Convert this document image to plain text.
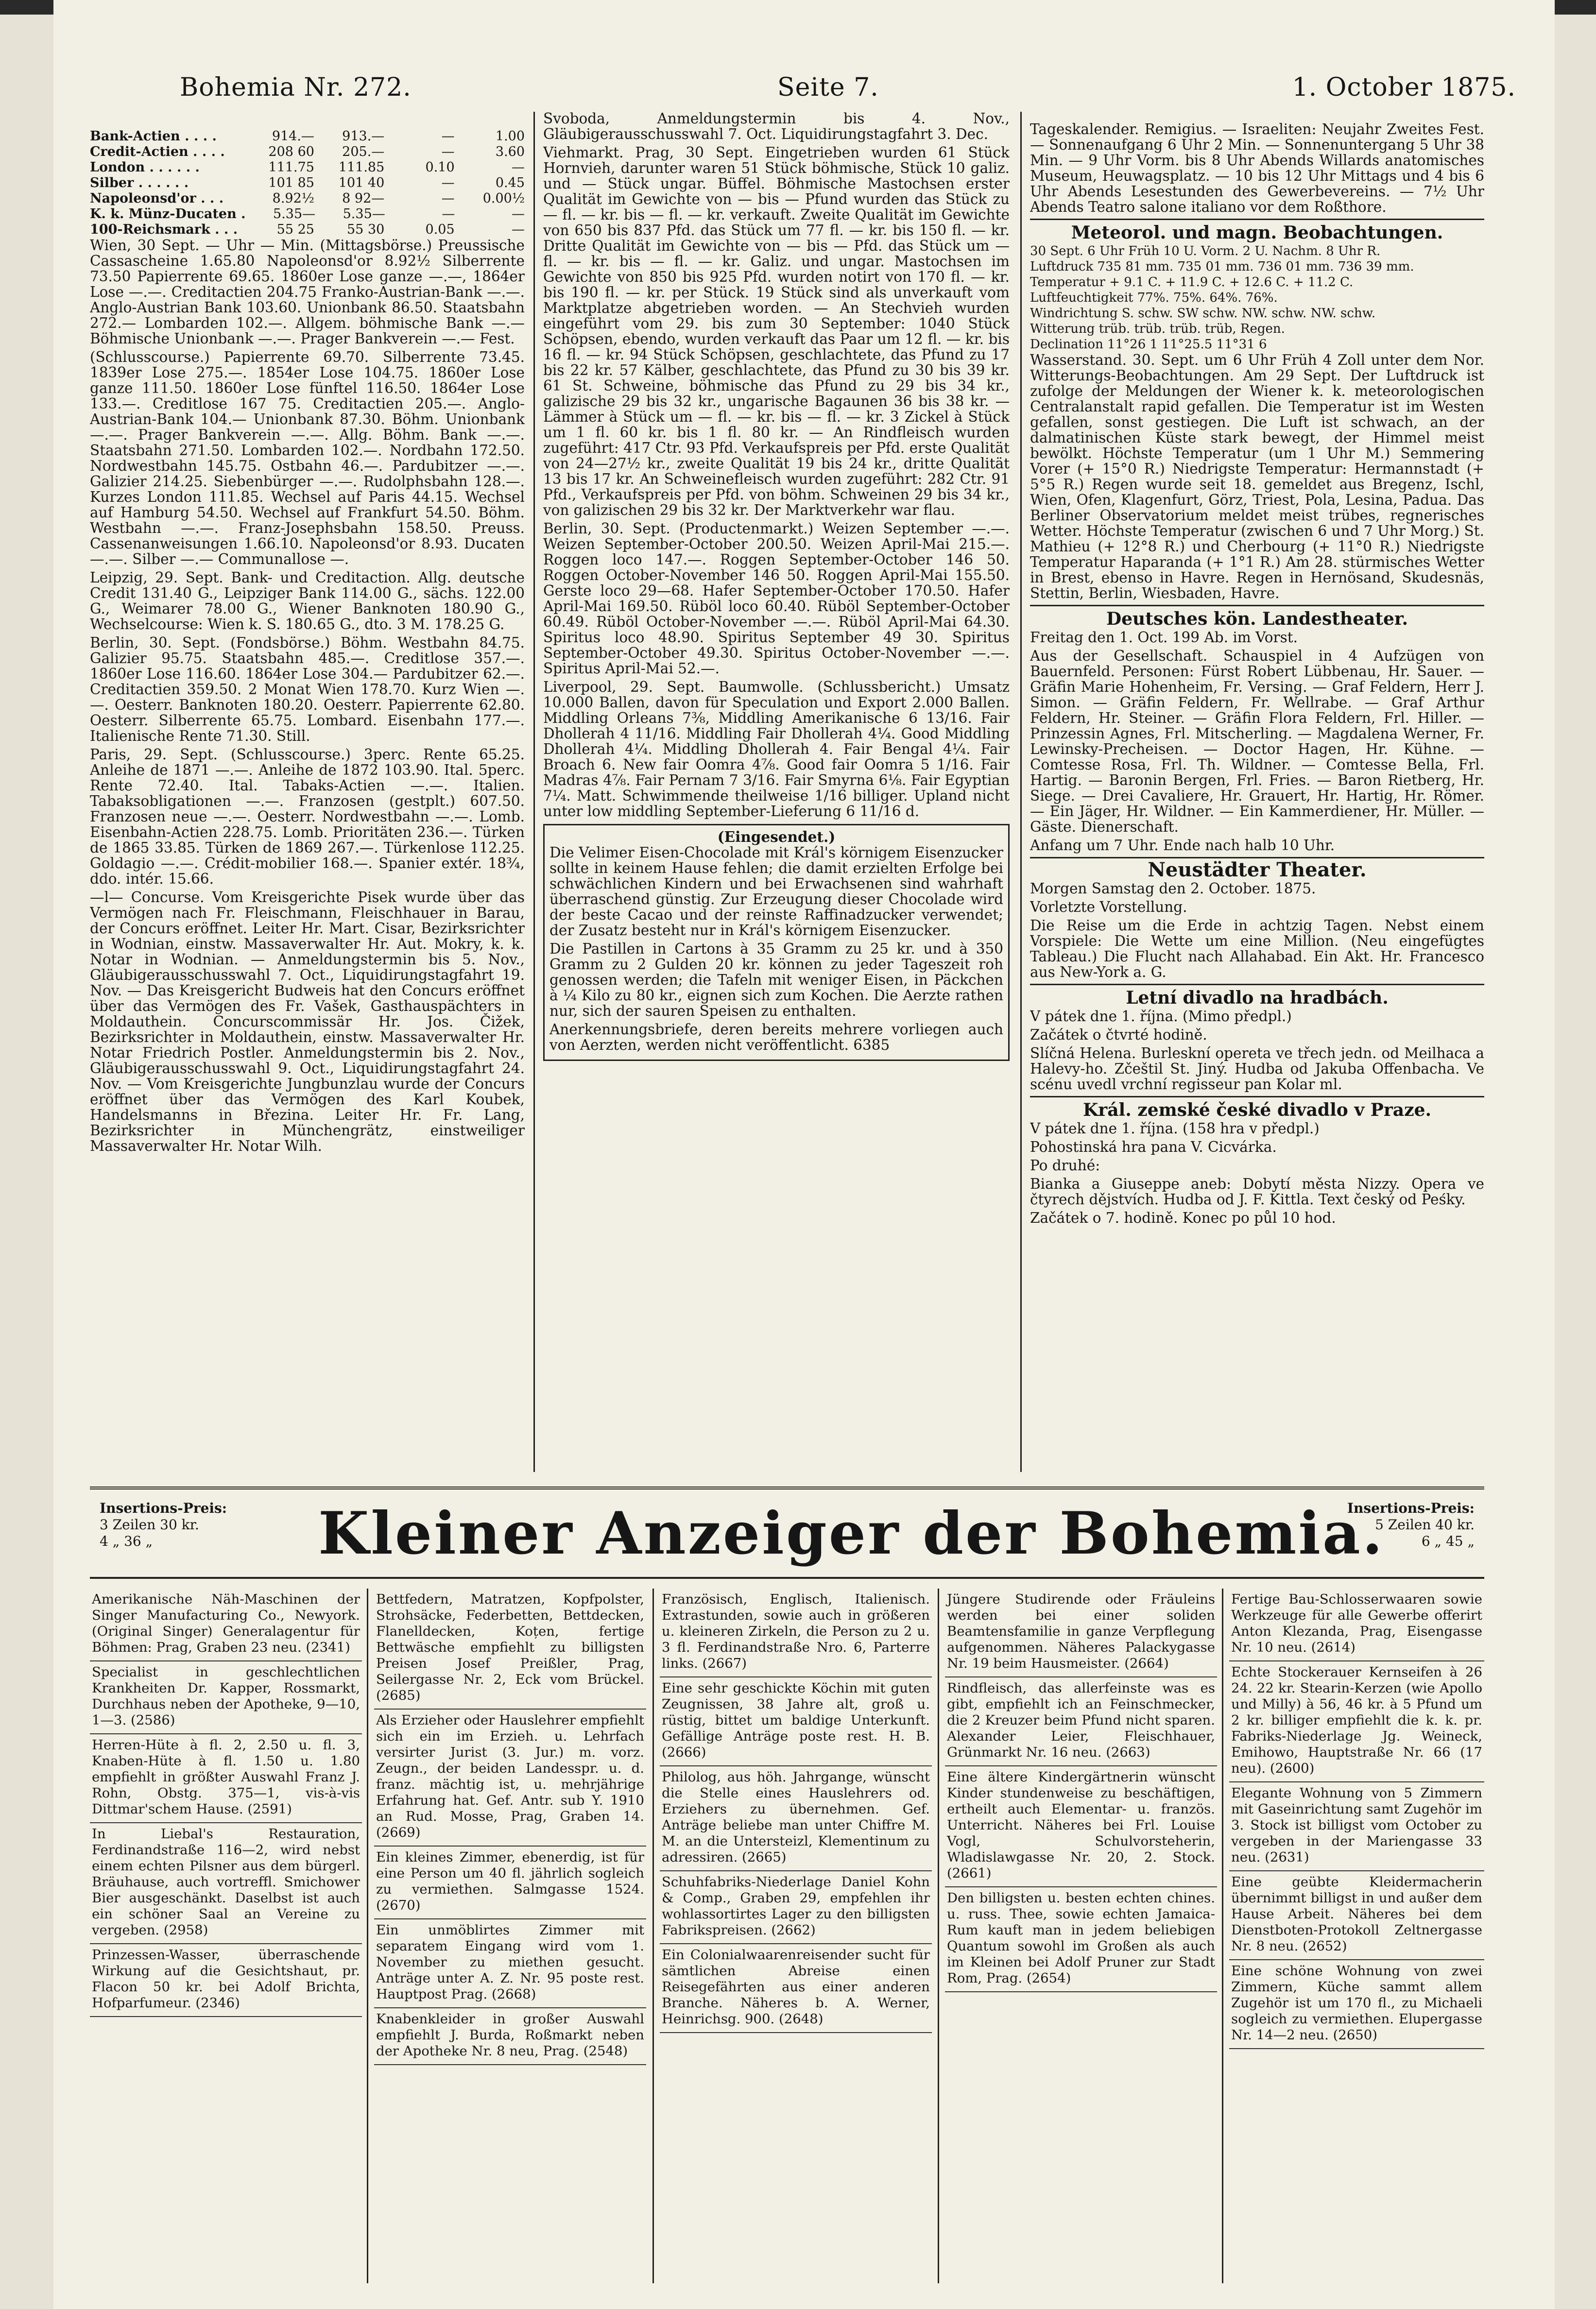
Bohemia Nr. 272.	Seite 7.	1. October 1875.
Bank-Actien . . . .	914.—	913.—	—	1.00
Credit-Actien . . . .	208 60	205.—	—	3.60
London . . . . . .	111.75	111.85	0.10	—
Silber . . . . . .	101 85	101 40	—	0.45
Napoleonsd'or . . .	8.92½	8 92—	—	0.00½
K. k. Münz-Ducaten .	5.35—	5.35—	—	—
100-Reichsmark . . .	55 25	55 30	0.05	—

Wien, 30 Sept. — Uhr — Min. (Mittagsbörse.) Preussische Cassascheine 1.65.80 Napoleonsd'or 8.92½ Silberrente 73.50 Papierrente 69.65. 1860er Lose ganze —.—, 1864er Lose —.—. Creditactien 204.75 Franko-Austrian-Bank —.—. Anglo-Austrian Bank 103.60. Unionbank 86.50. Staatsbahn 272.— Lombarden 102.—. Allgem. böhmische Bank —.— Böhmische Unionbank —.—. Prager Bankverein —.— Fest.

(Schlusscourse.) Papierrente 69.70. Silberrente 73.45. 1839er Lose 275.—. 1854er Lose 104.75. 1860er Lose ganze 111.50. 1860er Lose fünftel 116.50. 1864er Lose 133.—. Creditlose 167 75. Creditactien 205.—. Anglo-Austrian-Bank 104.— Unionbank 87.30. Böhm. Unionbank —.—. Prager Bankverein —.—. Allg. Böhm. Bank —.—. Staatsbahn 271.50. Lombarden 102.—. Nordbahn 172.50. Nordwestbahn 145.75. Ostbahn 46.—. Pardubitzer —.—. Galizier 214.25. Siebenbürger —.—. Rudolphsbahn 128.—. Kurzes London 111.85. Wechsel auf Paris 44.15. Wechsel auf Hamburg 54.50. Wechsel auf Frankfurt 54.50. Böhm. Westbahn —.—. Franz-Josephsbahn 158.50. Preuss. Cassenanweisungen 1.66.10. Napoleonsd'or 8.93. Ducaten —.—. Silber —.— Communallose —.

Leipzig, 29. Sept. Bank- und Creditaction. Allg. deutsche Credit 131.40 G., Leipziger Bank 114.00 G., sächs. 122.00 G., Weimarer 78.00 G., Wiener Banknoten 180.90 G., Wechselcourse: Wien k. S. 180.65 G., dto. 3 M. 178.25 G.

Berlin, 30. Sept. (Fondsbörse.) Böhm. Westbahn 84.75. Galizier 95.75. Staatsbahn 485.—. Creditlose 357.—. 1860er Lose 116.60. 1864er Lose 304.— Pardubitzer 62.—. Creditactien 359.50. 2 Monat Wien 178.70. Kurz Wien —.—. Oesterr. Banknoten 180.20. Oesterr. Papierrente 62.80. Oesterr. Silberrente 65.75. Lombard. Eisenbahn 177.—. Italienische Rente 71.30. Still.

Paris, 29. Sept. (Schlusscourse.) 3perc. Rente 65.25. Anleihe de 1871 —.—. Anleihe de 1872 103.90. Ital. 5perc. Rente 72.40. Ital. Tabaks-Actien —.—. Italien. Tabaksobligationen —.—. Franzosen (gestplt.) 607.50. Franzosen neue —.—. Oesterr. Nordwestbahn —.—. Lomb. Eisenbahn-Actien 228.75. Lomb. Prioritäten 236.—. Türken de 1865 33.85. Türken de 1869 267.—. Türkenlose 112.25. Goldagio —.—. Crédit-mobilier 168.—. Spanier extér. 18¾, ddo. intér. 15.66.

—l— Concurse. Vom Kreisgerichte Pisek wurde über das Vermögen nach Fr. Fleischmann, Fleischhauer in Barau, der Concurs eröffnet. Leiter Hr. Mart. Cisar, Bezirksrichter in Wodnian, einstw. Massaverwalter Hr. Aut. Mokry, k. k. Notar in Wodnian. — Anmeldungstermin bis 5. Nov., Gläubigerausschusswahl 7. Oct., Liquidirungstagfahrt 19. Nov. — Das Kreisgericht Budweis hat den Concurs eröffnet über das Vermögen des Fr. Vašek, Gasthauspächters in Moldauthein. Concurscommissär Hr. Jos. Čižek, Bezirksrichter in Moldauthein, einstw. Massaverwalter Hr. Notar Friedrich Postler. Anmeldungstermin bis 2. Nov., Gläubigerausschusswahl 9. Oct., Liquidirungstagfahrt 24. Nov. — Vom Kreisgerichte Jungbunzlau wurde der Concurs eröffnet über das Vermögen des Karl Koubek, Handelsmanns in Březina. Leiter Hr. Fr. Lang, Bezirksrichter in Münchengrätz, einstweiliger Massaverwalter Hr. Notar Wilh.

Svoboda, Anmeldungstermin bis 4. Nov., Gläubigerausschusswahl 7. Oct. Liquidirungstagfahrt 3. Dec.

Viehmarkt. Prag, 30 Sept. Eingetrieben wurden 61 Stück Hornvieh, darunter waren 51 Stück böhmische, Stück 10 galiz. und — Stück ungar. Büffel. Böhmische Mastochsen erster Qualität im Gewichte von — bis — Pfund wurden das Stück zu — fl. — kr. bis — fl. — kr. verkauft. Zweite Qualität im Gewichte von 650 bis 837 Pfd. das Stück um 77 fl. — kr. bis 150 fl. — kr. Dritte Qualität im Gewichte von — bis — Pfd. das Stück um — fl. — kr. bis — fl. — kr. Galiz. und ungar. Mastochsen im Gewichte von 850 bis 925 Pfd. wurden notirt von 170 fl. — kr. bis 190 fl. — kr. per Stück. 19 Stück sind als unverkauft vom Marktplatze abgetrieben worden. — An Stechvieh wurden eingeführt vom 29. bis zum 30 September: 1040 Stück Schöpsen, ebendo, wurden verkauft das Paar um 12 fl. — kr. bis 16 fl. — kr. 94 Stück Schöpsen, geschlachtete, das Pfund zu 17 bis 22 kr. 57 Kälber, geschlachtete, das Pfund zu 30 bis 39 kr. 61 St. Schweine, böhmische das Pfund zu 29 bis 34 kr., galizische 29 bis 32 kr., ungarische Bagaunen 36 bis 38 kr. — Lämmer à Stück um — fl. — kr. bis — fl. — kr. 3 Zickel à Stück um 1 fl. 60 kr. bis 1 fl. 80 kr. — An Rindfleisch wurden zugeführt: 417 Ctr. 93 Pfd. Verkaufspreis per Pfd. erste Qualität von 24—27½ kr., zweite Qualität 19 bis 24 kr., dritte Qualität 13 bis 17 kr. An Schweinefleisch wurden zugeführt: 282 Ctr. 91 Pfd., Verkaufspreis per Pfd. von böhm. Schweinen 29 bis 34 kr., von galizischen 29 bis 32 kr. Der Marktverkehr war flau.

Berlin, 30. Sept. (Productenmarkt.) Weizen September —.—. Weizen September-October 200.50. Weizen April-Mai 215.—. Roggen loco 147.—. Roggen September-October 146 50. Roggen October-November 146 50. Roggen April-Mai 155.50. Gerste loco 29—68. Hafer September-October 170.50. Hafer April-Mai 169.50. Rüböl loco 60.40. Rüböl September-October 60.49. Rüböl October-November —.—. Rüböl April-Mai 64.30. Spiritus loco 48.90. Spiritus September 49 30. Spiritus September-October 49.30. Spiritus October-November —.—. Spiritus April-Mai 52.—.

Liverpool, 29. Sept. Baumwolle. (Schlussbericht.) Umsatz 10.000 Ballen, davon für Speculation und Export 2.000 Ballen. Middling Orleans 7⅜, Middling Amerikanische 6 13/16. Fair Dhollerah 4 11/16. Middling Fair Dhollerah 4¼. Good Middling Dhollerah 4¼. Middling Dhollerah 4. Fair Bengal 4¼. Fair Broach 6. New fair Oomra 4⅞. Good fair Oomra 5 1/16. Fair Madras 4⅞. Fair Pernam 7 3/16. Fair Smyrna 6⅛. Fair Egyptian 7¼. Matt. Schwimmende theilweise 1/16 billiger. Upland nicht unter low middling September-Lieferung 6 11/16 d.

(Eingesendet.)

Die Velimer Eisen-Chocolade mit Král's körnigem Eisenzucker sollte in keinem Hause fehlen; die damit erzielten Erfolge bei schwächlichen Kindern und bei Erwachsenen sind wahrhaft überraschend günstig. Zur Erzeugung dieser Chocolade wird der beste Cacao und der reinste Raffinadzucker verwendet; der Zusatz besteht nur in Král's körnigem Eisenzucker.

Die Pastillen in Cartons à 35 Gramm zu 25 kr. und à 350 Gramm zu 2 Gulden 20 kr. können zu jeder Tageszeit roh genossen werden; die Tafeln mit weniger Eisen, in Päckchen à ¼ Kilo zu 80 kr., eignen sich zum Kochen. Die Aerzte rathen nur, sich der sauren Speisen zu enthalten.

Anerkennungsbriefe, deren bereits mehrere vorliegen auch von Aerzten, werden nicht veröffentlicht. 6385

Tageskalender. Remigius. — Israeliten: Neujahr Zweites Fest. — Sonnenaufgang 6 Uhr 2 Min. — Sonnenuntergang 5 Uhr 38 Min. — 9 Uhr Vorm. bis 8 Uhr Abends Willards anatomisches Museum, Heuwagsplatz. — 10 bis 12 Uhr Mittags und 4 bis 6 Uhr Abends Lesestunden des Gewerbevereins. — 7½ Uhr Abends Teatro salone italiano vor dem Roßthore.

Meteorol. und magn. Beobachtungen.
30 Sept. 6 Uhr Früh 10 U. Vorm. 2 U. Nachm. 8 Uhr R.
Luftdruck 735 81 mm. 735 01 mm. 736 01 mm. 736 39 mm.
Temperatur + 9.1 C. + 11.9 C. + 12.6 C. + 11.2 C.
Luftfeuchtigkeit 77%. 75%. 64%. 76%.
Windrichtung S. schw. SW schw. NW. schw. NW. schw.
Witterung trüb. trüb. trüb. trüb, Regen.
Declination 11°26 1 11°25.5 11°31 6

Wasserstand. 30. Sept. um 6 Uhr Früh 4 Zoll unter dem Nor. Witterungs-Beobachtungen. Am 29 Sept. Der Luftdruck ist zufolge der Meldungen der Wiener k. k. meteorologischen Centralanstalt rapid gefallen. Die Temperatur ist im Westen gefallen, sonst gestiegen. Die Luft ist schwach, an der dalmatinischen Küste stark bewegt, der Himmel meist bewölkt. Höchste Temperatur (um 1 Uhr M.) Semmering Vorer (+ 15°0 R.) Niedrigste Temperatur: Hermannstadt (+ 5°5 R.) Regen wurde seit 18. gemeldet aus Bregenz, Ischl, Wien, Ofen, Klagenfurt, Görz, Triest, Pola, Lesina, Padua. Das Berliner Observatorium meldet meist trübes, regnerisches Wetter. Höchste Temperatur (zwischen 6 und 7 Uhr Morg.) St. Mathieu (+ 12°8 R.) und Cherbourg (+ 11°0 R.) Niedrigste Temperatur Haparanda (+ 1°1 R.) Am 28. stürmisches Wetter in Brest, ebenso in Havre. Regen in Hernösand, Skudesnäs, Stettin, Berlin, Wiesbaden, Havre.

Deutsches kön. Landestheater.

Freitag den 1. Oct. 199 Ab. im Vorst.

Aus der Gesellschaft. Schauspiel in 4 Aufzügen von Bauernfeld. Personen: Fürst Robert Lübbenau, Hr. Sauer. — Gräfin Marie Hohenheim, Fr. Versing. — Graf Feldern, Herr J. Simon. — Gräfin Feldern, Fr. Wellrabe. — Graf Arthur Feldern, Hr. Steiner. — Gräfin Flora Feldern, Frl. Hiller. — Prinzessin Agnes, Frl. Mitscherling. — Magdalena Werner, Fr. Lewinsky-Precheisen. — Doctor Hagen, Hr. Kühne. — Comtesse Rosa, Frl. Th. Wildner. — Comtesse Bella, Frl. Hartig. — Baronin Bergen, Frl. Fries. — Baron Rietberg, Hr. Siege. — Drei Cavaliere, Hr. Grauert, Hr. Hartig, Hr. Römer. — Ein Jäger, Hr. Wildner. — Ein Kammerdiener, Hr. Müller. — Gäste. Dienerschaft.

Anfang um 7 Uhr. Ende nach halb 10 Uhr.

Neustädter Theater.

Morgen Samstag den 2. October. 1875.

Vorletzte Vorstellung.

Die Reise um die Erde in achtzig Tagen. Nebst einem Vorspiele: Die Wette um eine Million. (Neu eingefügtes Tableau.) Die Flucht nach Allahabad. Ein Akt. Hr. Francesco aus New-York a. G.

Letní divadlo na hradbách.

V pátek dne 1. října. (Mimo předpl.)

Začátek o čtvrté hodině.

Slíčná Helena. Burleskní opereta ve třech jedn. od Meilhaca a Halevy-ho. Zčeštil St. Jiný. Hudba od Jakuba Offenbacha. Ve scénu uvedl vrchní regisseur pan Kolar ml.

Král. zemské české divadlo v Praze.

V pátek dne 1. října. (158 hra v předpl.)

Pohostinská hra pana V. Cicvárka.

Po druhé:

Bianka a Giuseppe aneb: Dobytí města Nizzy. Opera ve čtyrech dějstvích. Hudba od J. F. Kittla. Text český od Peśky.

Začátek o 7. hodině. Konec po půl 10 hod.

Insertions-Preis:
3 Zeilen 30 kr.
4 „ 36 „	Kleiner Anzeiger der Bohemia.
Insertions-Preis:
5 Zeilen 40 kr.
6 „ 45 „
Amerikanische Näh-Maschinen der Singer Manufacturing Co., Newyork. (Original Singer) Generalagentur für Böhmen: Prag, Graben 23 neu. (2341)
Specialist in geschlechtlichen Krankheiten Dr. Kapper, Rossmarkt, Durchhaus neben der Apotheke, 9—10, 1—3. (2586)
Herren-Hüte à fl. 2, 2.50 u. fl. 3, Knaben-Hüte à fl. 1.50 u. 1.80 empfiehlt in größter Auswahl Franz J. Rohn, Obstg. 375—1, vis-à-vis Dittmar'schem Hause. (2591)
In Liebal's Restauration, Ferdinandstraße 116—2, wird nebst einem echten Pilsner aus dem bürgerl. Bräuhause, auch vortreffl. Smichower Bier ausgeschänkt. Daselbst ist auch ein schöner Saal an Vereine zu vergeben. (2958)
Prinzessen-Wasser, überraschende Wirkung auf die Gesichtshaut, pr. Flacon 50 kr. bei Adolf Brichta, Hofparfumeur. (2346)
Bettfedern, Matratzen, Kopfpolster, Strohsäcke, Federbetten, Bettdecken, Flanelldecken, Koțen, fertige Bettwäsche empfiehlt zu billigsten Preisen Josef Preißler, Prag, Seilergasse Nr. 2, Eck vom Brückel. (2685)
Als Erzieher oder Hauslehrer empfiehlt sich ein im Erzieh. u. Lehrfach versirter Jurist (3. Jur.) m. vorz. Zeugn., der beiden Landesspr. u. d. franz. mächtig ist, u. mehrjährige Erfahrung hat. Gef. Antr. sub Y. 1910 an Rud. Mosse, Prag, Graben 14. (2669)
Ein kleines Zimmer, ebenerdig, ist für eine Person um 40 fl. jährlich sogleich zu vermiethen. Salmgasse 1524. (2670)
Ein unmöblirtes Zimmer mit separatem Eingang wird vom 1. November zu miethen gesucht. Anträge unter A. Z. Nr. 95 poste rest. Hauptpost Prag. (2668)
Knabenkleider in großer Auswahl empfiehlt J. Burda, Roßmarkt neben der Apotheke Nr. 8 neu, Prag. (2548)
Französisch, Englisch, Italienisch. Extrastunden, sowie auch in größeren u. kleineren Zirkeln, die Person zu 2 u. 3 fl. Ferdinandstraße Nro. 6, Parterre links. (2667)
Eine sehr geschickte Köchin mit guten Zeugnissen, 38 Jahre alt, groß u. rüstig, bittet um baldige Unterkunft. Gefällige Anträge poste rest. H. B. (2666)
Philolog, aus höh. Jahrgange, wünscht die Stelle eines Hauslehrers od. Erziehers zu übernehmen. Gef. Anträge beliebe man unter Chiffre M. M. an die Untersteizl, Klementinum zu adressiren. (2665)
Schuhfabriks-Niederlage Daniel Kohn & Comp., Graben 29, empfehlen ihr wohlassortirtes Lager zu den billigsten Fabrikspreisen. (2662)
Ein Colonialwaarenreisender sucht für sämtlichen Abreise einen Reisegefährten aus einer anderen Branche. Näheres b. A. Werner, Heinrichsg. 900. (2648)
Jüngere Studirende oder Fräuleins werden bei einer soliden Beamtensfamilie in ganze Verpflegung aufgenommen. Näheres Palackygasse Nr. 19 beim Hausmeister. (2664)
Rindfleisch, das allerfeinste was es gibt, empfiehlt ich an Feinschmecker, die 2 Kreuzer beim Pfund nicht sparen. Alexander Leier, Fleischhauer, Grünmarkt Nr. 16 neu. (2663)
Eine ältere Kindergärtnerin wünscht Kinder stundenweise zu beschäftigen, ertheilt auch Elementar- u. französ. Unterricht. Näheres bei Frl. Louise Vogl, Schulvorsteherin, Wladislawgasse Nr. 20, 2. Stock. (2661)
Den billigsten u. besten echten chines. u. russ. Thee, sowie echten Jamaica-Rum kauft man in jedem beliebigen Quantum sowohl im Großen als auch im Kleinen bei Adolf Pruner zur Stadt Rom, Prag. (2654)
Fertige Bau-Schlosserwaaren sowie Werkzeuge für alle Gewerbe offerirt Anton Klezanda, Prag, Eisengasse Nr. 10 neu. (2614)
Echte Stockerauer Kernseifen à 26 24. 22 kr. Stearin-Kerzen (wie Apollo und Milly) à 56, 46 kr. à 5 Pfund um 2 kr. billiger empfiehlt die k. k. pr. Fabriks-Niederlage Jg. Weineck, Emihowo, Hauptstraße Nr. 66 (17 neu). (2600)
Elegante Wohnung von 5 Zimmern mit Gaseinrichtung samt Zugehör im 3. Stock ist billigst vom October zu vergeben in der Mariengasse 33 neu. (2631)
Eine geübte Kleidermacherin übernimmt billigst in und außer dem Hause Arbeit. Näheres bei dem Dienstboten-Protokoll Zeltnergasse Nr. 8 neu. (2652)
Eine schöne Wohnung von zwei Zimmern, Küche sammt allem Zugehör ist um 170 fl., zu Michaeli sogleich zu vermiethen. Elupergasse Nr. 14—2 neu. (2650)
